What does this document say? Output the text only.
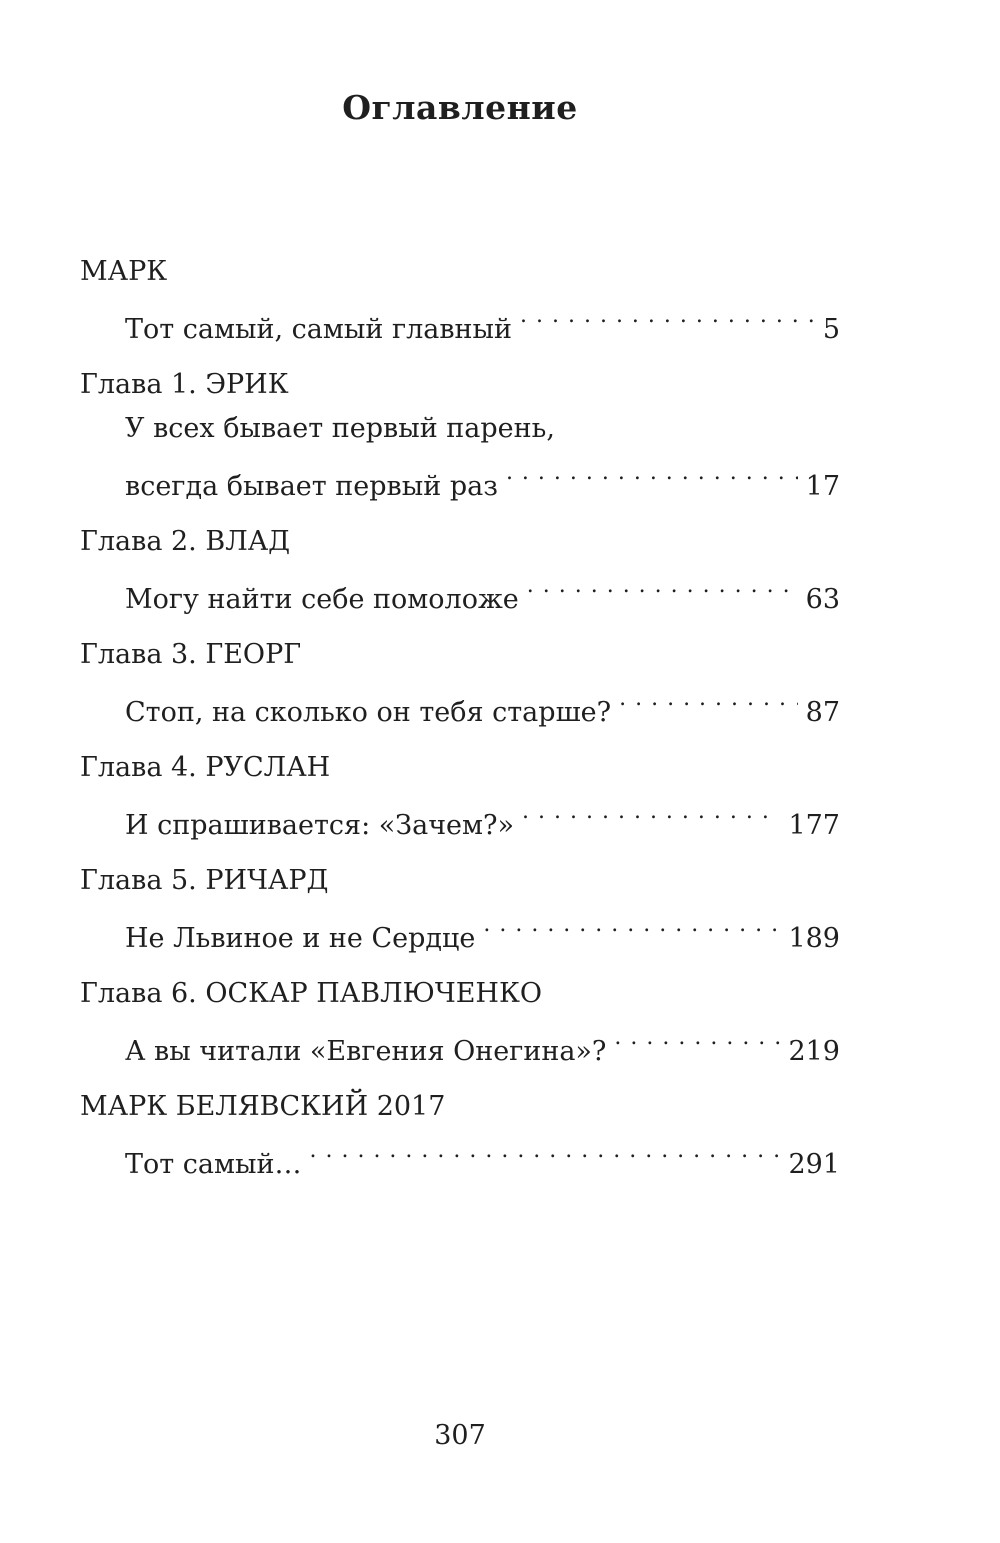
Оглавление
МАРК
Тот самый, самый главный . . .	5
Глава 1. ЭРИК
У всех бывает первый парень,
всегда бывает первый раз . . .	17
Глава 2. ВЛАД
Могу найти себе помоложе . . .	63
Глава 3. ГЕОРГ
Стоп, на сколько он тебя старше? . . .	87
Глава 4. РУСЛАН
И спрашивается: «Зачем?» . . .	177
Глава 5. РИЧАРД
Не Львиное и не Сердце . . .	189
Глава 6. ОСКАР ПАВЛЮЧЕНКО
А вы читали «Евгения Онегина»? . . .	219
МАРК БЕЛЯВСКИЙ 2017
Тот самый… . . .	291
307
